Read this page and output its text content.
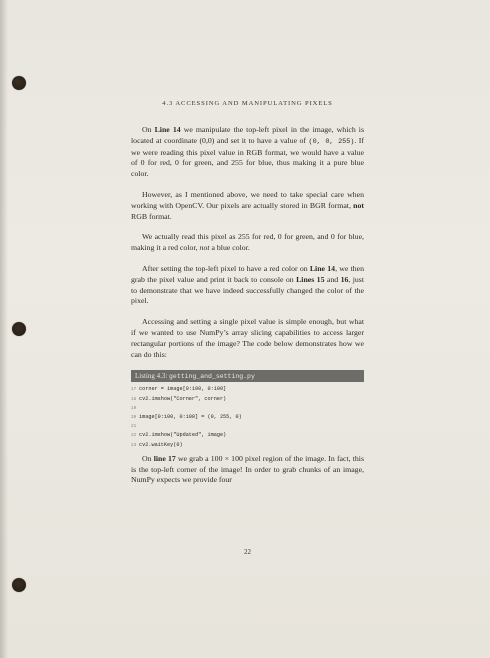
4.3 ACCESSING AND MANIPULATING PIXELS

On Line 14 we manipulate the top-left pixel in the image, which is located at coordinate (0,0) and set it to have a value of (0, 0, 255). If we were reading this pixel value in RGB format, we would have a value of 0 for red, 0 for green, and 255 for blue, thus making it a pure blue color.

However, as I mentioned above, we need to take special care when working with OpenCV. Our pixels are actually stored in BGR format, not RGB format.

We actually read this pixel as 255 for red, 0 for green, and 0 for blue, making it a red color, not a blue color.

After setting the top-left pixel to have a red color on Line 14, we then grab the pixel value and print it back to console on Lines 15 and 16, just to demonstrate that we have indeed successfully changed the color of the pixel.

Accessing and setting a single pixel value is simple enough, but what if we wanted to use NumPy’s array slicing capabilities to access larger rectangular portions of the image? The code below demonstrates how we can do this:

Listing 4.3: getting_and_setting.py
17 corner = image[0:100, 0:100]
18 cv2.imshow("Corner", corner)
19
20 image[0:100, 0:100] = (0, 255, 0)
21
22 cv2.imshow("Updated", image)
23 cv2.waitKey(0)

On line 17 we grab a 100 × 100 pixel region of the image. In fact, this is the top-left corner of the image! In order to grab chunks of an image, NumPy expects we provide four

22
